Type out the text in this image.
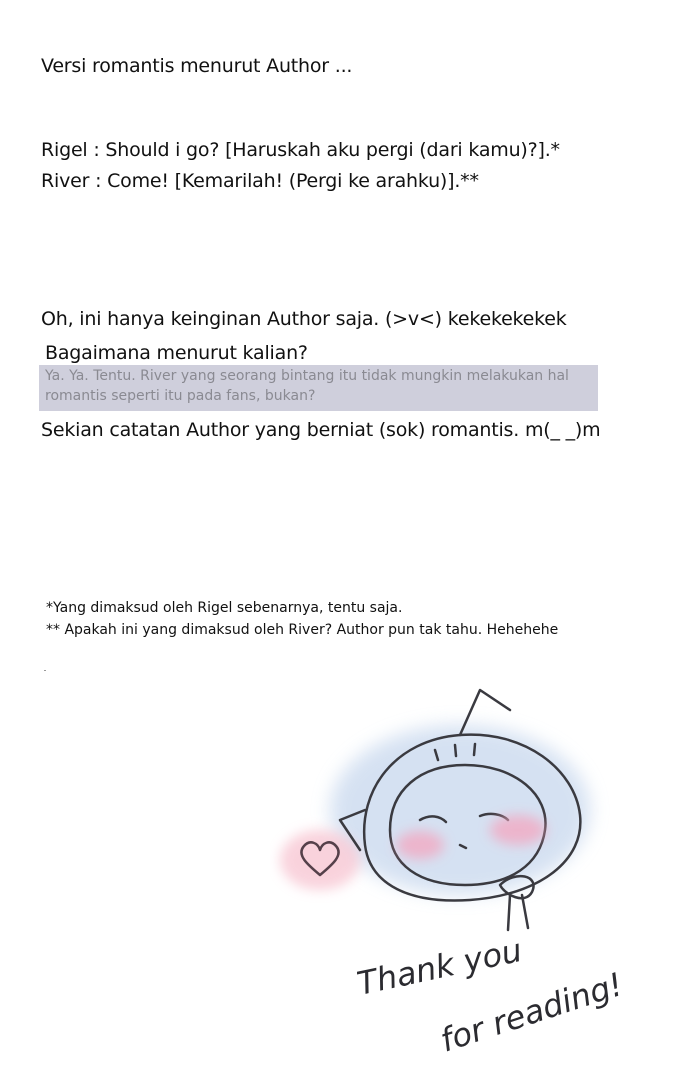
Versi romantis menurut Author ...
Rigel : Should i go? [Haruskah aku pergi (dari kamu)?].*
River : Come! [Kemarilah! (Pergi ke arahku)].**
Oh, ini hanya keinginan Author saja. (>v<) kekekekekek
Bagaimana menurut kalian?
Ya. Ya. Tentu. River yang seorang bintang itu tidak mungkin melakukan hal
romantis seperti itu pada fans, bukan?
Sekian catatan Author yang berniat (sok) romantis. m(_ _)m
*Yang dimaksud oleh Rigel sebenarnya, tentu saja.
** Apakah ini yang dimaksud oleh River? Author pun tak tahu. Hehehehe
Thank you
for reading!
